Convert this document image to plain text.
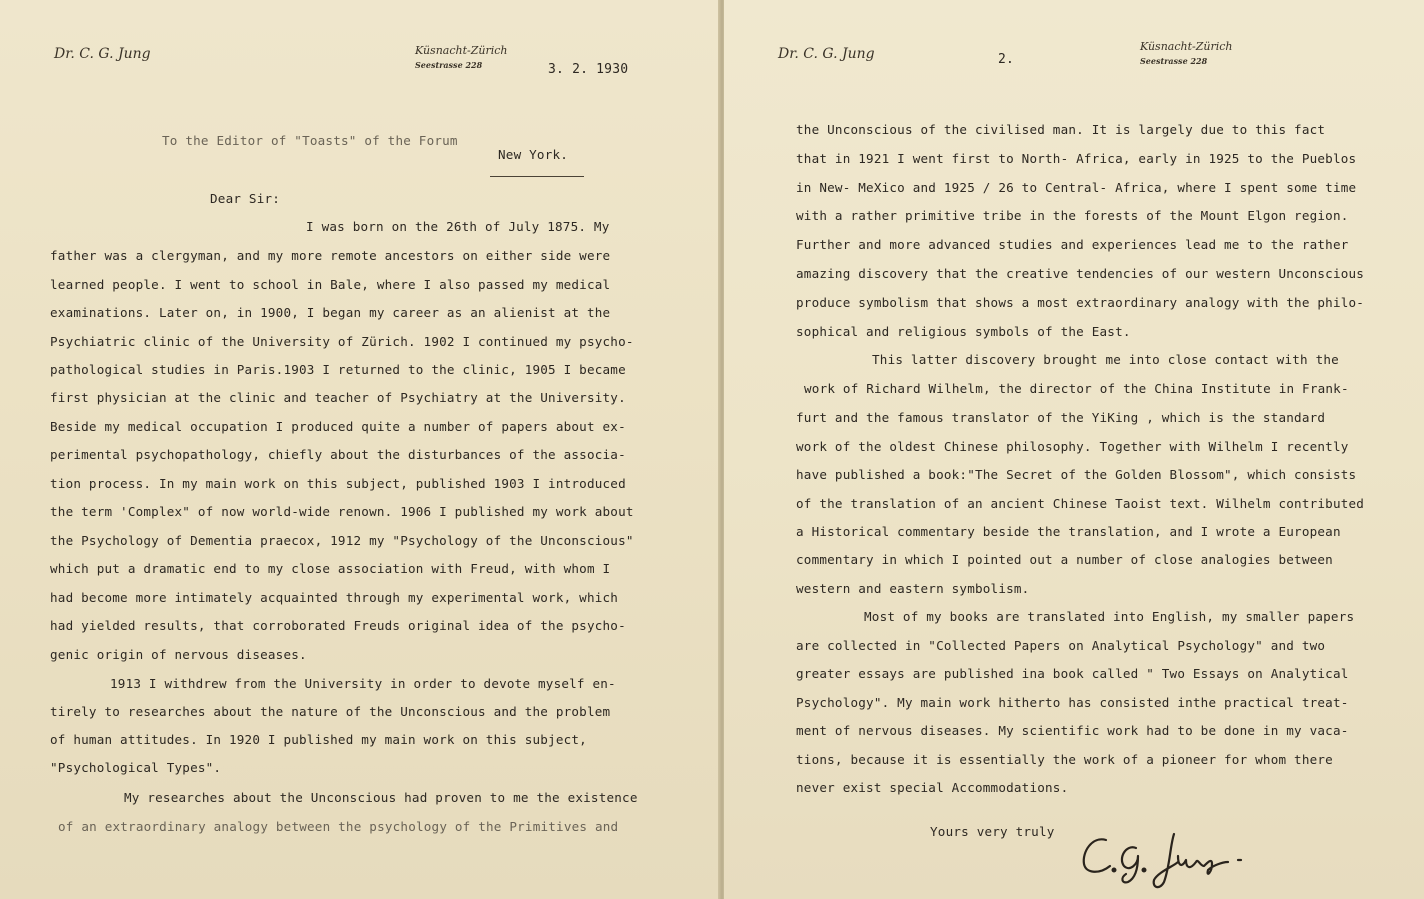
Dr. C. G. Jung	Küsnacht-Zürich
Seestrasse 228	3. 2. 1930
To the Editor of "Toasts" of the Forum
New York.
Dear Sir:
I was born on the 26th of July 1875. My
father was a clergyman, and my more remote ancestors on either side were
learned people. I went to school in Bale, where I also passed my medical
examinations. Later on, in 1900, I began my career as an alienist at the
Psychiatric clinic of the University of Zürich. 1902 I continued my psycho-
pathological studies in Paris.1903 I returned to the clinic, 1905 I became
first physician at the clinic and teacher of Psychiatry at the University.
Beside my medical occupation I produced quite a number of papers about ex-
perimental psychopathology, chiefly about the disturbances of the associa-
tion process. In my main work on this subject, published 1903 I introduced
the term 'Complex" of now world-wide renown. 1906 I published my work about
the Psychology of Dementia praecox, 1912 my "Psychology of the Unconscious"
which put a dramatic end to my close association with Freud, with whom I
had become more intimately acquainted through my experimental work, which
had yielded results, that corroborated Freuds original idea of the psycho-
genic origin of nervous diseases.
1913 I withdrew from the University in order to devote myself en-
tirely to researches about the nature of the Unconscious and the problem
of human attitudes. In 1920 I published my main work on this subject,
"Psychological Types".
My researches about the Unconscious had proven to me the existence
of an extraordinary analogy between the psychology of the Primitives and
Dr. C. G. Jung	2.
Küsnacht-Zürich
Seestrasse 228
the Unconscious of the civilised man. It is largely due to this fact
that in 1921 I went first to North- Africa, early in 1925 to the Pueblos
in New- MeXico and 1925 / 26 to Central- Africa, where I spent some time
with a rather primitive tribe in the forests of the Mount Elgon region.
Further and more advanced studies and experiences lead me to the rather
amazing discovery that the creative tendencies of our western Unconscious
produce symbolism that shows a most extraordinary analogy with the philo-
sophical and religious symbols of the East.
This latter discovery brought me into close contact with the
work of Richard Wilhelm, the director of the China Institute in Frank-
furt and the famous translator of the YiKing , which is the standard
work of the oldest Chinese philosophy. Together with Wilhelm I recently
have published a book:"The Secret of the Golden Blossom", which consists
of the translation of an ancient Chinese Taoist text. Wilhelm contributed
a Historical commentary beside the translation, and I wrote a European
commentary in which I pointed out a number of close analogies between
western and eastern symbolism.
Most of my books are translated into English, my smaller papers
are collected in "Collected Papers on Analytical Psychology" and two
greater essays are published ina book called " Two Essays on Analytical
Psychology". My main work hitherto has consisted inthe practical treat-
ment of nervous diseases. My scientific work had to be done in my vaca-
tions, because it is essentially the work of a pioneer for whom there
never exist special Accommodations.
Yours very truly
